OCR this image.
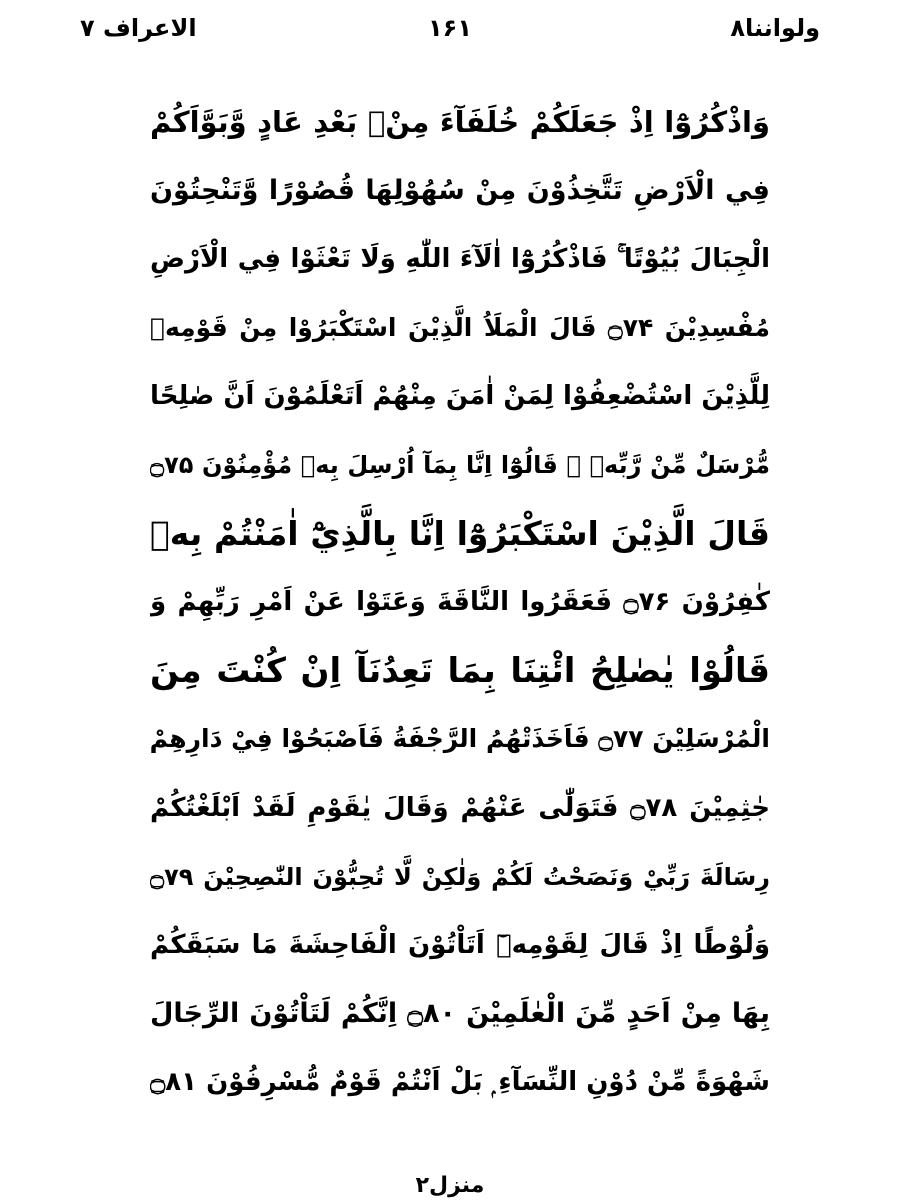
الاعراف ۷	۱۶۱	ولواننا۸
وَاذْكُرُوْٓا اِذْ جَعَلَكُمْ خُلَفَآءَ مِنْۢ بَعْدِ عَادٍ وَّبَوَّاَكُمْ
فِي الْاَرْضِ تَتَّخِذُوْنَ مِنْ سُهُوْلِهَا قُصُوْرًا وَّتَنْحِتُوْنَ
الْجِبَالَ بُيُوْتًا ۚ فَاذْكُرُوْٓا اٰلَآءَ اللّٰهِ وَلَا تَعْثَوْا فِي الْاَرْضِ
مُفْسِدِيْنَ ۝۷۴ قَالَ الْمَلَاُ الَّذِيْنَ اسْتَكْبَرُوْا مِنْ قَوْمِهٖ
لِلَّذِيْنَ اسْتُضْعِفُوْا لِمَنْ اٰمَنَ مِنْهُمْ اَتَعْلَمُوْنَ اَنَّ صٰلِحًا
مُّرْسَلٌ مِّنْ رَّبِّهٖ ۭ قَالُوْٓا اِنَّا بِمَآ اُرْسِلَ بِهٖ مُؤْمِنُوْنَ ۝۷۵
قَالَ الَّذِيْنَ اسْتَكْبَرُوْٓا اِنَّا بِالَّذِيْٓ اٰمَنْتُمْ بِهٖ
كٰفِرُوْنَ ۝۷۶ فَعَقَرُوا النَّاقَةَ وَعَتَوْا عَنْ اَمْرِ رَبِّهِمْ وَ
قَالُوْا يٰصٰلِحُ ائْتِنَا بِمَا تَعِدُنَآ اِنْ كُنْتَ مِنَ
الْمُرْسَلِيْنَ ۝۷۷ فَاَخَذَتْهُمُ الرَّجْفَةُ فَاَصْبَحُوْا فِيْ دَارِهِمْ
جٰثِمِيْنَ ۝۷۸ فَتَوَلّٰى عَنْهُمْ وَقَالَ يٰقَوْمِ لَقَدْ اَبْلَغْتُكُمْ
رِسَالَةَ رَبِّيْ وَنَصَحْتُ لَكُمْ وَلٰكِنْ لَّا تُحِبُّوْنَ النّٰصِحِيْنَ ۝۷۹
وَلُوْطًا اِذْ قَالَ لِقَوْمِهٖٓ اَتَاْتُوْنَ الْفَاحِشَةَ مَا سَبَقَكُمْ
بِهَا مِنْ اَحَدٍ مِّنَ الْعٰلَمِيْنَ ۝۸۰ اِنَّكُمْ لَتَاْتُوْنَ الرِّجَالَ
شَهْوَةً مِّنْ دُوْنِ النِّسَآءِ ۭ بَلْ اَنْتُمْ قَوْمٌ مُّسْرِفُوْنَ ۝۸۱
منزل۲
